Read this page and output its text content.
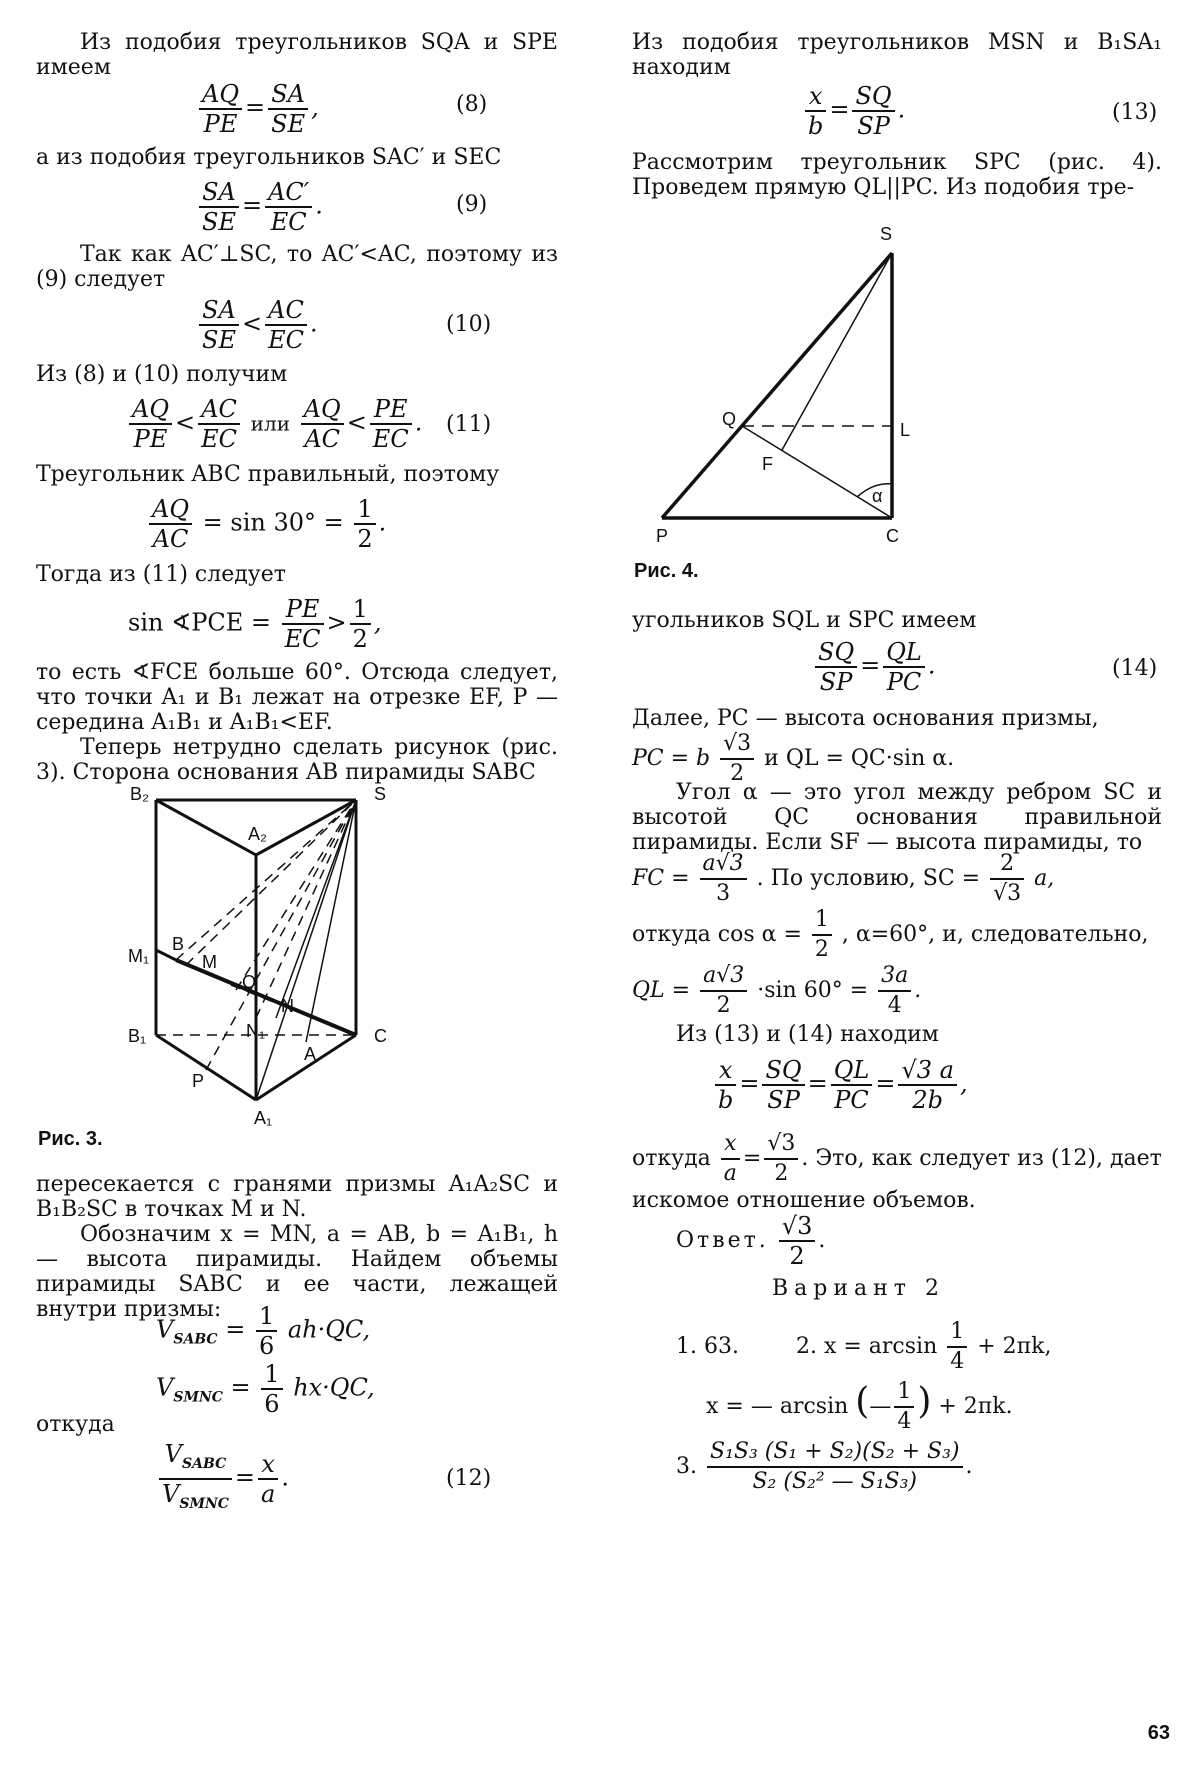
Из подобия треугольников SQA и SPE имеем
$\frac{AQ}{PE} = \frac{SA}{SE}$ ,	(8)
а из подобия треугольников SAC′ и SEC
$\frac{SA}{SE} = \frac{AC'}{EC}$ .	(9)
Так как AC′⊥SC, то AC′<AC, поэтому из (9) следует
$\frac{SA}{SE} < \frac{AC}{EC}$ .	(10)
Из (8) и (10) получим
$\frac{AQ}{PE} < \frac{AC}{EC}$ или $\frac{AQ}{AC} < \frac{PE}{EC}$ . (11)
Треугольник ABC правильный, поэтому
$\frac{AQ}{AC} = \sin 30^\circ = \frac{1}{2}$ .
Тогда из (11) следует
sin ∢PCE = $\frac{PE}{EC} > \frac{1}{2}$ ,
то есть ∢FCE больше 60°. Отсюда следует, что точки A₁ и B₁ лежат на отрезке EF, P — середина A₁B₁ и A₁B₁<EF.
Теперь нетрудно сделать рисунок (рис. 3). Сторона основания AB пирамиды SABC
B₂
A₂
S
B
M
M₁
Q
N
N₁
B₁
A
C
P
A₁
Рис. 3.
пересекается с гранями призмы A₁A₂SC и B₁B₂SC в точках M и N.
Обозначим x = MN, a = AB, b = A₁B₁, h — высота пирамиды. Найдем объемы пирамиды SABC и ее части, лежащей внутри призмы:
$V_{SABC} = \frac{1}{6} ah\cdot QC$,
$V_{SMNC} = \frac{1}{6} hx\cdot QC$,
откуда
$\frac{V_{SABC}}{V_{SMNC}} = \frac{x}{a}$ .	(12)
Из подобия треугольников MSN и B₁SA₁ находим
$\frac{x}{b} = \frac{SQ}{SP}$ .	(13)
Рассмотрим треугольник SPC (рис. 4). Проведем прямую QL||PC. Из подобия тре-
S
Q
L
F
α
P	C
Рис. 4.
угольников SQL и SPC имеем
$\frac{SQ}{SP} = \frac{QL}{PC}$ .	(14)
Далее, PC — высота основания призмы,
PC = b $\frac{√3}{2}$ и QL = QC·sin α.
Угол α — это угол между ребром SC и высотой QC основания правильной пирамиды. Если SF — высота пирамиды, то
FC = $\frac{a√3}{3}$ . По условию, SC = $\frac{2}{√3} a$,
откуда $\cos \alpha = \frac{1}{2}$ , α=60°, и, следовательно,
QL = $\frac{a√3}{2} \cdot\sin$ $60^\circ = \frac{3a}{4}$ .
Из (13) и (14) находим
$\frac{x}{b} = \frac{SQ}{SP} = \frac{QL}{PC} = \frac{√3 a}{2b}$ ,
откуда $\frac{x}{a} = \frac{√3}{2}$ . Это, как следует из (12), дает искомое отношение объемов.
Ответ. $\frac{√3}{2}$ .
Вариант 2
1. 63.	2. $x = \arcsin \frac{1}{4} + 2\pi k$,
x = — arcsin (— $\frac{1}{4}$ ) + 2πk.
3. $\frac{\text{S₁S₃ (S₁ + S₂)(S₂ + S₃)}}{\text{S₂ (S₂² — S₁S₃)}}$ .
63
